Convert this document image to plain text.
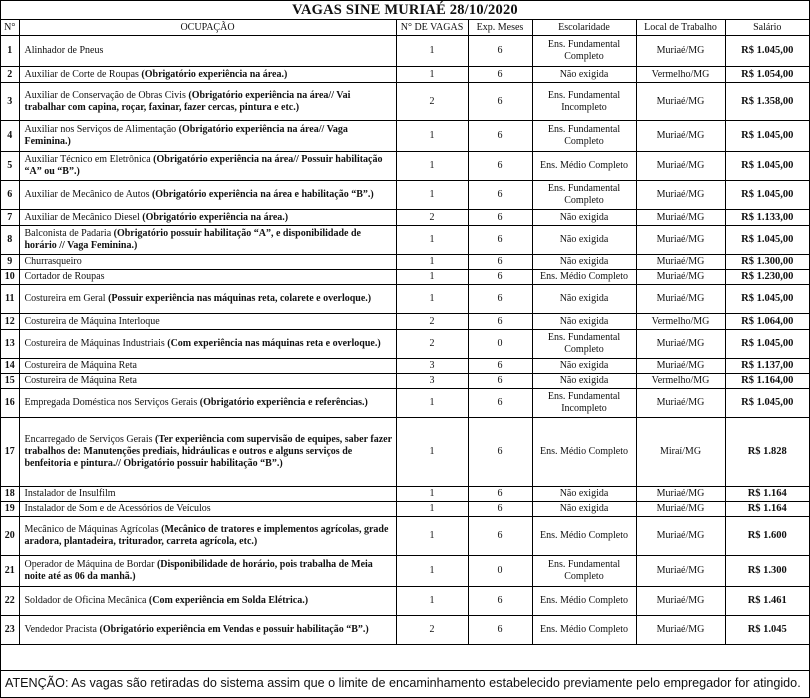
VAGAS SINE MURIAÉ 28/10/2020
N°	OCUPAÇÃO	N° DE VAGAS	Exp. Meses	Escolaridade	Local de Trabalho	Salário
1	Alinhador de Pneus	1	6	Ens. Fundamental Completo	Muriaé/MG	R$ 1.045,00
2	Auxiliar de Corte de Roupas (Obrigatório experiência na área.)	1	6	Não exigida	Vermelho/MG	R$ 1.054,00
3	Auxiliar de Conservação de Obras Civis (Obrigatório experiência na área// Vai trabalhar com capina, roçar, faxinar, fazer cercas, pintura e etc.)	2	6	Ens. Fundamental Incompleto	Muriaé/MG	R$ 1.358,00
4	Auxiliar nos Serviços de Alimentação (Obrigatório experiência na área// Vaga Feminina.)	1	6	Ens. Fundamental Completo	Muriaé/MG	R$ 1.045,00
5	Auxiliar Técnico em Eletrônica (Obrigatório experiência na área// Possuir habilitação “A” ou “B”.)	1	6	Ens. Médio Completo	Muriaé/MG	R$ 1.045,00
6	Auxiliar de Mecânico de Autos (Obrigatório experiência na área e habilitação “B”.)	1	6	Ens. Fundamental Completo	Muriaé/MG	R$ 1.045,00
7	Auxiliar de Mecânico Diesel (Obrigatório experiência na área.)	2	6	Não exigida	Muriaé/MG	R$ 1.133,00
8	Balconista de Padaria (Obrigatório possuir habilitação “A”, e disponibilidade de horário // Vaga Feminina.)	1	6	Não exigida	Muriaé/MG	R$ 1.045,00
9	Churrasqueiro	1	6	Não exigida	Muriaé/MG	R$ 1.300,00
10	Cortador de Roupas	1	6	Ens. Médio Completo	Muriaé/MG	R$ 1.230,00
11	Costureira em Geral (Possuir experiência nas máquinas reta, colarete e overloque.)	1	6	Não exigida	Muriaé/MG	R$ 1.045,00
12	Costureira de Máquina Interloque	2	6	Não exigida	Vermelho/MG	R$ 1.064,00
13	Costureira de Máquinas Industriais (Com experiência nas máquinas reta e overloque.)	2	0	Ens. Fundamental Completo	Muriaé/MG	R$ 1.045,00
14	Costureira de Máquina Reta	3	6	Não exigida	Muriaé/MG	R$ 1.137,00
15	Costureira de Máquina Reta	3	6	Não exigida	Vermelho/MG	R$ 1.164,00
16	Empregada Doméstica nos Serviços Gerais (Obrigatório experiência e referências.)	1	6	Ens. Fundamental Incompleto	Muriaé/MG	R$ 1.045,00
17	Encarregado de Serviços Gerais (Ter experiência com supervisão de equipes, saber fazer trabalhos de: Manutenções prediais, hidráulicas e outros e alguns serviços de benfeitoria e pintura.// Obrigatório possuir habilitação “B”.)	1	6	Ens. Médio Completo	Miraí/MG	R$ 1.828
18	Instalador de Insulfilm	1	6	Não exigida	Muriaé/MG	R$ 1.164
19	Instalador de Som e de Acessórios de Veículos	1	6	Não exigida	Muriaé/MG	R$ 1.164
20	Mecânico de Máquinas Agrícolas (Mecânico de tratores e implementos agrícolas, grade aradora, plantadeira, triturador, carreta agrícola, etc.)	1	6	Ens. Médio Completo	Muriaé/MG	R$ 1.600
21	Operador de Máquina de Bordar (Disponibilidade de horário, pois trabalha de Meia noite até as 06 da manhã.)	1	0	Ens. Fundamental Completo	Muriaé/MG	R$ 1.300
22	Soldador de Oficina Mecânica (Com experiência em Solda Elétrica.)	1	6	Ens. Médio Completo	Muriaé/MG	R$ 1.461
23	Vendedor Pracista (Obrigatório experiência em Vendas e possuir habilitação “B”.)	2	6	Ens. Médio Completo	Muriaé/MG	R$ 1.045
ATENÇÃO: As vagas são retiradas do sistema assim que o limite de encaminhamento estabelecido previamente pelo empregador for atingido.
